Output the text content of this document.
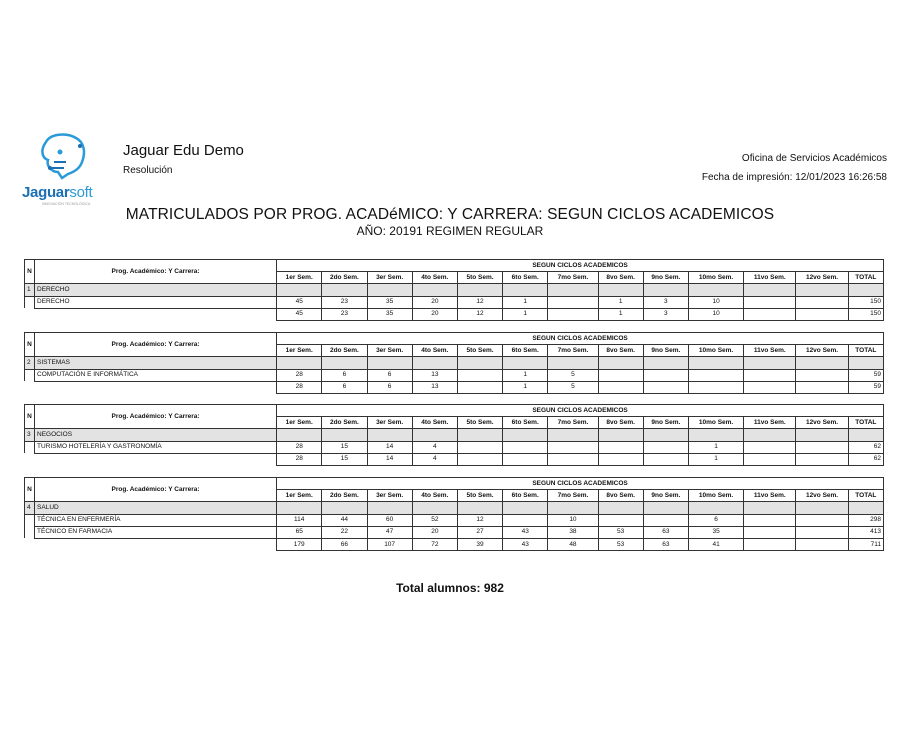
Jaguarsoft
INNOVACIÓN TECNOLÓGICA
Jaguar Edu Demo
Resolución
Oficina de Servicios Académicos
Fecha de impresión: 12/01/2023 16:26:58
MATRICULADOS POR PROG. ACADéMICO: Y CARRERA: SEGUN CICLOS ACADEMICOS
AÑO: 20191 REGIMEN REGULAR
N	Prog. Académico: Y Carrera:	SEGUN CICLOS ACADEMICOS												
		1er Sem.	2do Sem.	3er Sem.	4to Sem.	5to Sem.	6to Sem.	7mo Sem.	8vo Sem.	9no Sem.	10mo Sem.	11vo Sem.	12vo Sem.	TOTAL
1	DERECHO													
	DERECHO	45	23	35	20	12	1		1	3	10			150
		45	23	35	20	12	1		1	3	10			150
N	Prog. Académico: Y Carrera:	SEGUN CICLOS ACADEMICOS												
		1er Sem.	2do Sem.	3er Sem.	4to Sem.	5to Sem.	6to Sem.	7mo Sem.	8vo Sem.	9no Sem.	10mo Sem.	11vo Sem.	12vo Sem.	TOTAL
2	SISTEMAS													
	COMPUTACIÓN E INFORMÁTICA	28	6	6	13		1	5						59
		28	6	6	13		1	5						59
N	Prog. Académico: Y Carrera:	SEGUN CICLOS ACADEMICOS												
		1er Sem.	2do Sem.	3er Sem.	4to Sem.	5to Sem.	6to Sem.	7mo Sem.	8vo Sem.	9no Sem.	10mo Sem.	11vo Sem.	12vo Sem.	TOTAL
3	NEGOCIOS													
	TURISMO HOTELERÍA Y GASTRONOMÍA	28	15	14	4						1			62
		28	15	14	4						1			62
N	Prog. Académico: Y Carrera:	SEGUN CICLOS ACADEMICOS												
		1er Sem.	2do Sem.	3er Sem.	4to Sem.	5to Sem.	6to Sem.	7mo Sem.	8vo Sem.	9no Sem.	10mo Sem.	11vo Sem.	12vo Sem.	TOTAL
4	SALUD													
	TÉCNICA EN ENFERMERÍA	114	44	60	52	12		10			6			298
	TÉCNICO EN FARMACIA	65	22	47	20	27	43	38	53	63	35			413
		179	66	107	72	39	43	48	53	63	41			711
Total alumnos: 982
